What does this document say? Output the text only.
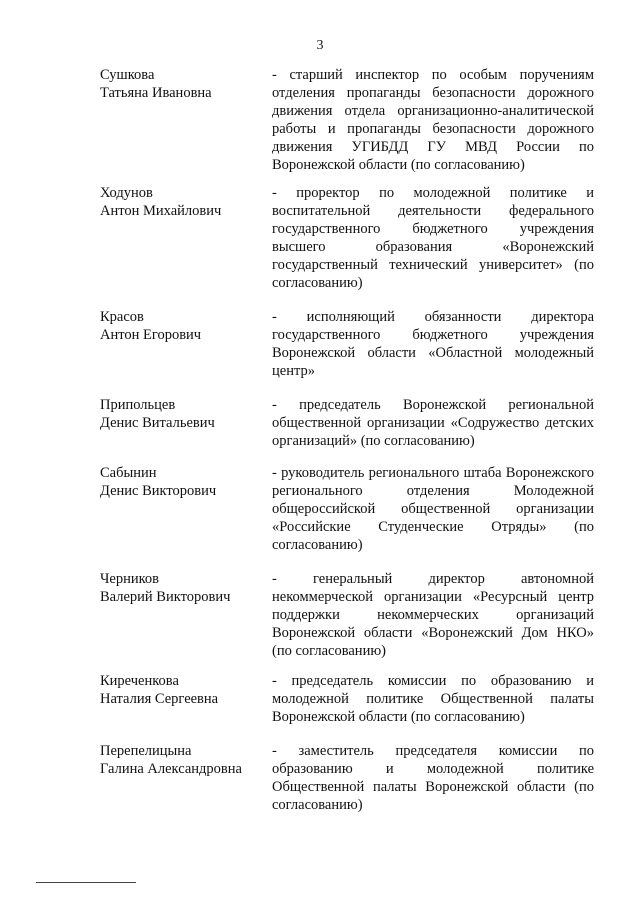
3
Сушкова
Татьяна Ивановна
- старший инспектор по особым поручениям отделения пропаганды безопасности дорожного движения отдела организационно-аналитической работы и пропаганды безопасности дорожного движения УГИБДД ГУ МВД России по Воронежской области (по согласованию)
Ходунов
Антон Михайлович
- проректор по молодежной политике и воспитательной деятельности федерального государственного бюджетного учреждения высшего образования «Воронежский государственный технический университет» (по согласованию)
Красов
Антон Егорович
- исполняющий обязанности директора государственного бюджетного учреждения Воронежской области «Областной молодежный центр»
Припольцев
Денис Витальевич
- председатель Воронежской региональной общественной организации «Содружество детских организаций» (по согласованию)
Сабынин
Денис Викторович
- руководитель регионального штаба Воронежского регионального отделения Молодежной общероссийской общественной организации «Российские Студенческие Отряды» (по согласованию)
Черников
Валерий Викторович
- генеральный директор автономной некоммерческой организации «Ресурсный центр поддержки некоммерческих организаций Воронежской области «Воронежский Дом НКО» (по согласованию)
Киреченкова
Наталия Сергеевна
- председатель комиссии по образованию и молодежной политике Общественной палаты Воронежской области (по согласованию)
Перепелицына
Галина Александровна
- заместитель председателя комиссии по образованию и молодежной политике Общественной палаты Воронежской области (по согласованию)
